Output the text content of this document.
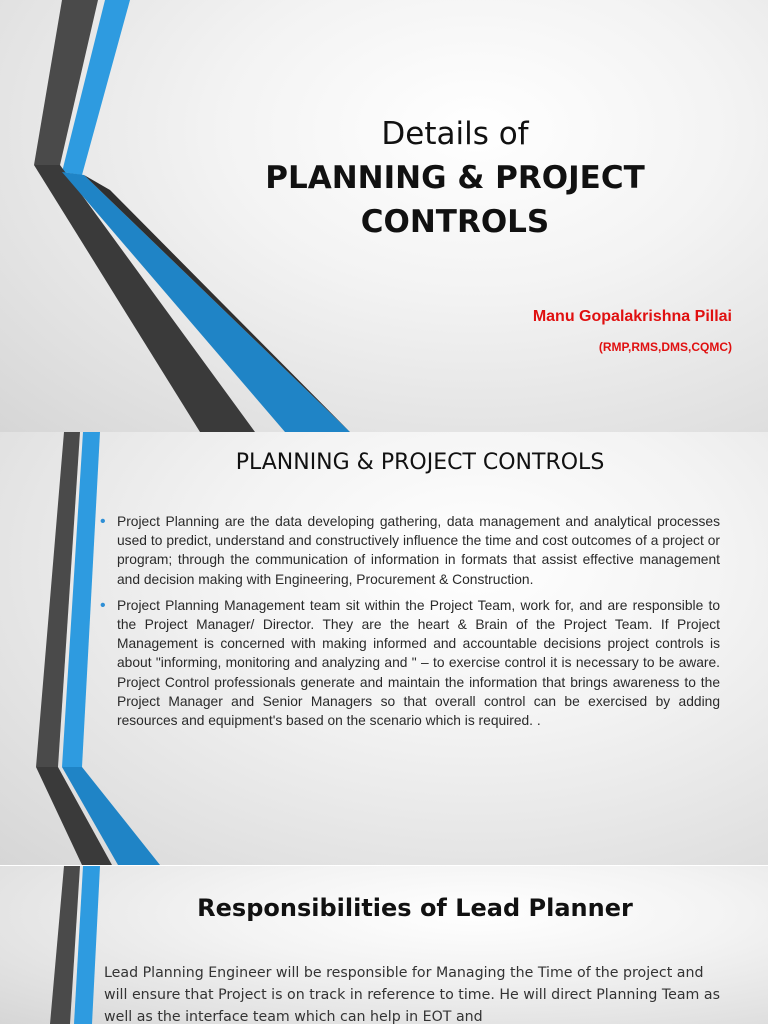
Details of
PLANNING & PROJECT
CONTROLS
Manu Gopalakrishna Pillai
(RMP,RMS,DMS,CQMC)
PLANNING & PROJECT CONTROLS
• Project Planning are the data developing gathering, data management and analytical processes used to predict, understand and constructively influence the time and cost outcomes of a project or program; through the communication of information in formats that assist effective management and decision making with Engineering, Procurement & Construction.
• Project Planning Management team sit within the Project Team, work for, and are responsible to the Project Manager/ Director. They are the heart & Brain of the Project Team. If Project Management is concerned with making informed and accountable decisions project controls is about "informing, monitoring and analyzing and " – to exercise control it is necessary to be aware. Project Control professionals generate and maintain the information that brings awareness to the Project Manager and Senior Managers so that overall control can be exercised by adding resources and equipment's based on the scenario which is required. .
Responsibilities of Lead Planner
Lead Planning Engineer will be responsible for Managing the Time of the project and will ensure that Project is on track in reference to time. He will direct Planning Team as well as the interface team which can help in EOT and
